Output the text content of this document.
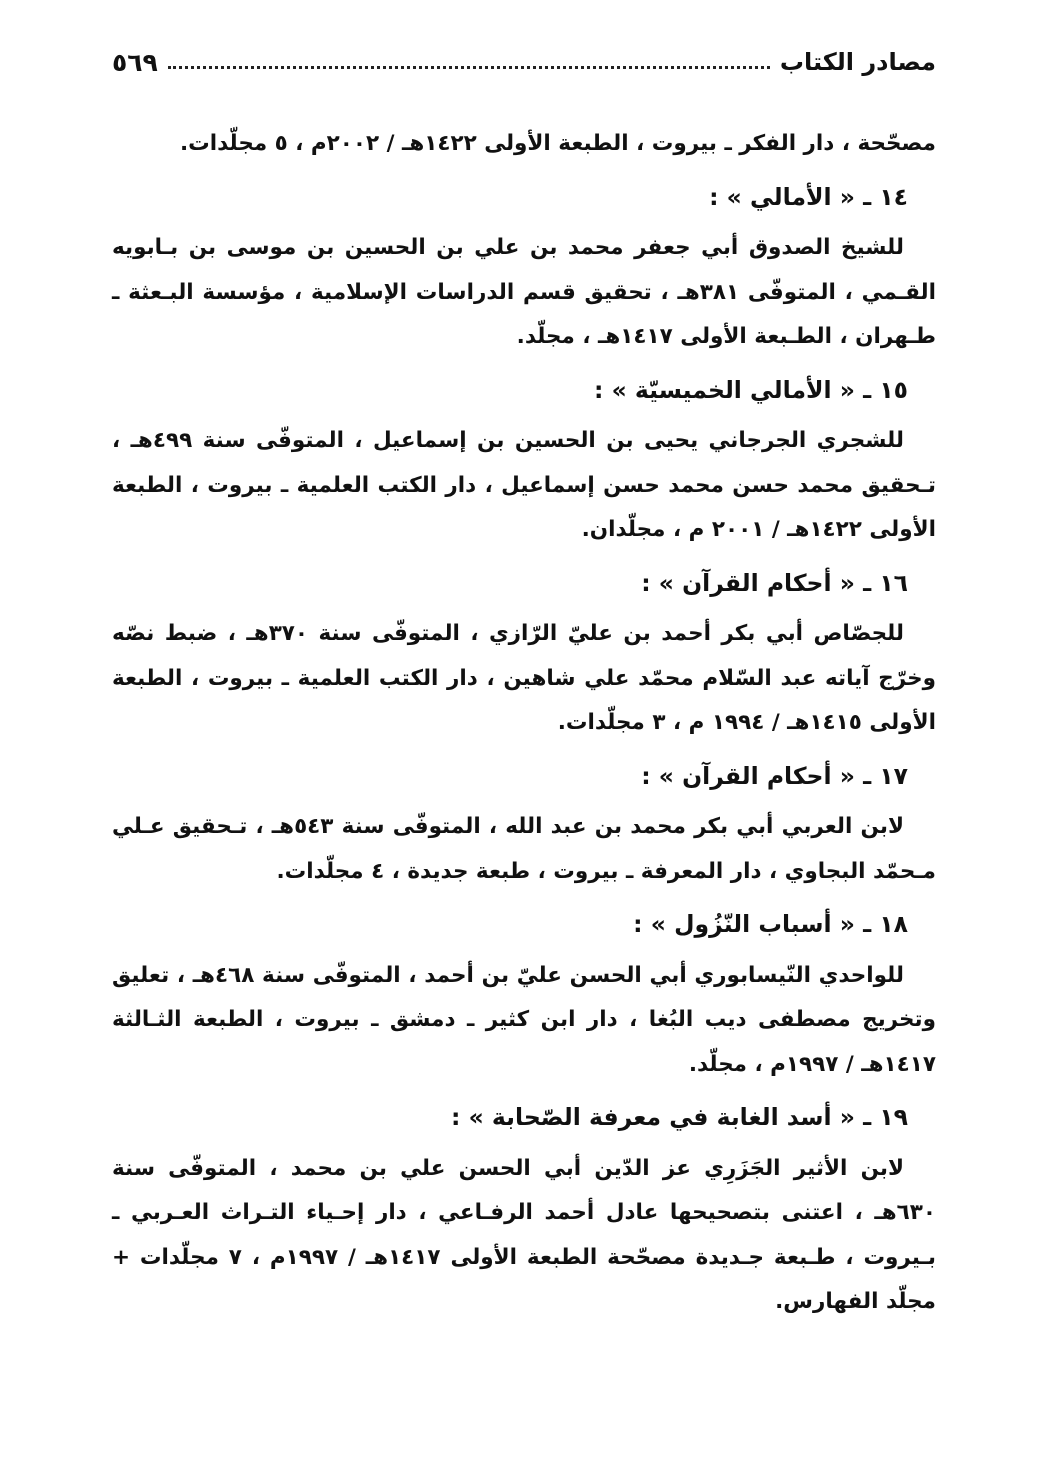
مصادر الكتاب
٥٦٩

مصحّحة ، دار الفكر ـ بيروت ، الطبعة الأولى ١٤٢٢هـ / ٢٠٠٢م ، ٥ مجلّدات.

١٤ ـ « الأمالي » :

للشيخ الصدوق أبي جعفر محمد بن علي بن الحسين بن موسى بن بـابويه القـمي ، المتوفّى ٣٨١هـ ، تحقيق قسم الدراسات الإسلامية ، مؤسسة البـعثة ـ طـهران ، الطـبعة الأولى ١٤١٧هـ ، مجلّد.

١٥ ـ « الأمالي الخميسيّة » :

للشجري الجرجاني يحيى بن الحسين بن إسماعيل ، المتوفّى سنة ٤٩٩هـ ، تـحقيق محمد حسن محمد حسن إسماعيل ، دار الكتب العلمية ـ بيروت ، الطبعة الأولى ١٤٢٢هـ / ٢٠٠١ م ، مجلّدان.

١٦ ـ « أحكام القرآن » :

للجصّاص أبي بكر أحمد بن عليّ الرّازي ، المتوفّى سنة ٣٧٠هـ ، ضبط نصّه وخرّج آياته عبد السّلام محمّد علي شاهين ، دار الكتب العلمية ـ بيروت ، الطبعة الأولى ١٤١٥هـ / ١٩٩٤ م ، ٣ مجلّدات.

١٧ ـ « أحكام القرآن » :

لابن العربي أبي بكر محمد بن عبد الله ، المتوفّى سنة ٥٤٣هـ ، تـحقيق عـلي مـحمّد البجاوي ، دار المعرفة ـ بيروت ، طبعة جديدة ، ٤ مجلّدات.

١٨ ـ « أسباب النّزُول » :

للواحدي النّيسابوري أبي الحسن عليّ بن أحمد ، المتوفّى سنة ٤٦٨هـ ، تعليق وتخريج مصطفى ديب البُغا ، دار ابن كثير ـ دمشق ـ بيروت ، الطبعة الثـالثة ١٤١٧هـ / ١٩٩٧م ، مجلّد.

١٩ ـ « أسد الغابة في معرفة الصّحابة » :

لابن الأثير الجَزَرِي عز الدّين أبي الحسن علي بن محمد ، المتوفّى سنة ٦٣٠هـ ، اعتنى بتصحيحها عادل أحمد الرفـاعي ، دار إحـياء التـراث العـربي ـ بـيروت ، طـبعة جـديدة مصحّحة الطبعة الأولى ١٤١٧هـ / ١٩٩٧م ، ٧ مجلّدات + مجلّد الفهارس.
